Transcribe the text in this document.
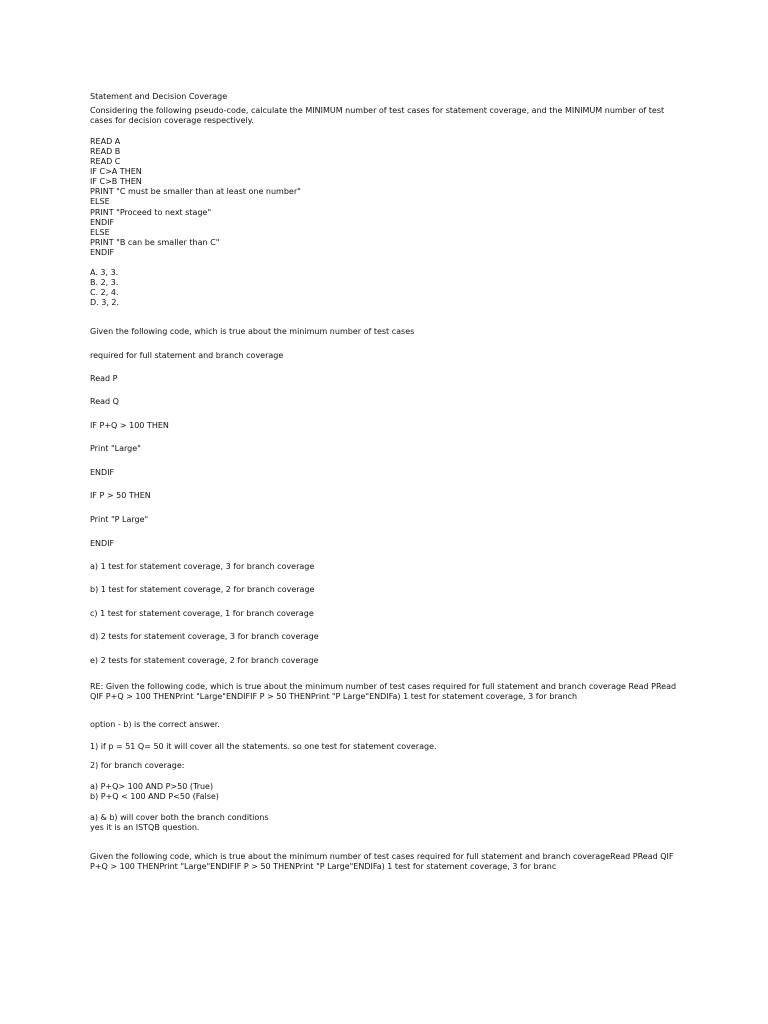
Statement and Decision Coverage
Considering the following pseudo-code, calculate the MINIMUM number of test cases for statement coverage, and the MINIMUM number of test
cases for decision coverage respectively.
READ A
READ B
READ C
IF C>A THEN
IF C>B THEN
PRINT "C must be smaller than at least one number"
ELSE
PRINT "Proceed to next stage"
ENDIF
ELSE
PRINT "B can be smaller than C"
ENDIF
A. 3, 3.
B. 2, 3.
C. 2, 4.
D. 3, 2.
Given the following code, which is true about the minimum number of test cases
required for full statement and branch coverage
Read P
Read Q
IF P+Q > 100 THEN
Print "Large"
ENDIF
IF P > 50 THEN
Print "P Large"
ENDIF
a) 1 test for statement coverage, 3 for branch coverage
b) 1 test for statement coverage, 2 for branch coverage
c) 1 test for statement coverage, 1 for branch coverage
d) 2 tests for statement coverage, 3 for branch coverage
e) 2 tests for statement coverage, 2 for branch coverage
RE: Given the following code, which is true about the minimum number of test cases required for full statement and branch coverage Read PRead
QIF P+Q > 100 THENPrint "Large"ENDIFIF P > 50 THENPrint "P Large"ENDIFa) 1 test for statement coverage, 3 for branch
option - b) is the correct answer.
1) if p = 51 Q= 50 it will cover all the statements. so one test for statement coverage.
2) for branch coverage:
a) P+Q> 100 AND P>50 (True)
b) P+Q < 100 AND P<50 (False)
a) & b) will cover both the branch conditions
yes it is an ISTQB question.
Given the following code, which is true about the minimum number of test cases required for full statement and branch coverageRead PRead QIF
P+Q > 100 THENPrint "Large"ENDIFIF P > 50 THENPrint "P Large"ENDIFa) 1 test for statement coverage, 3 for branc
